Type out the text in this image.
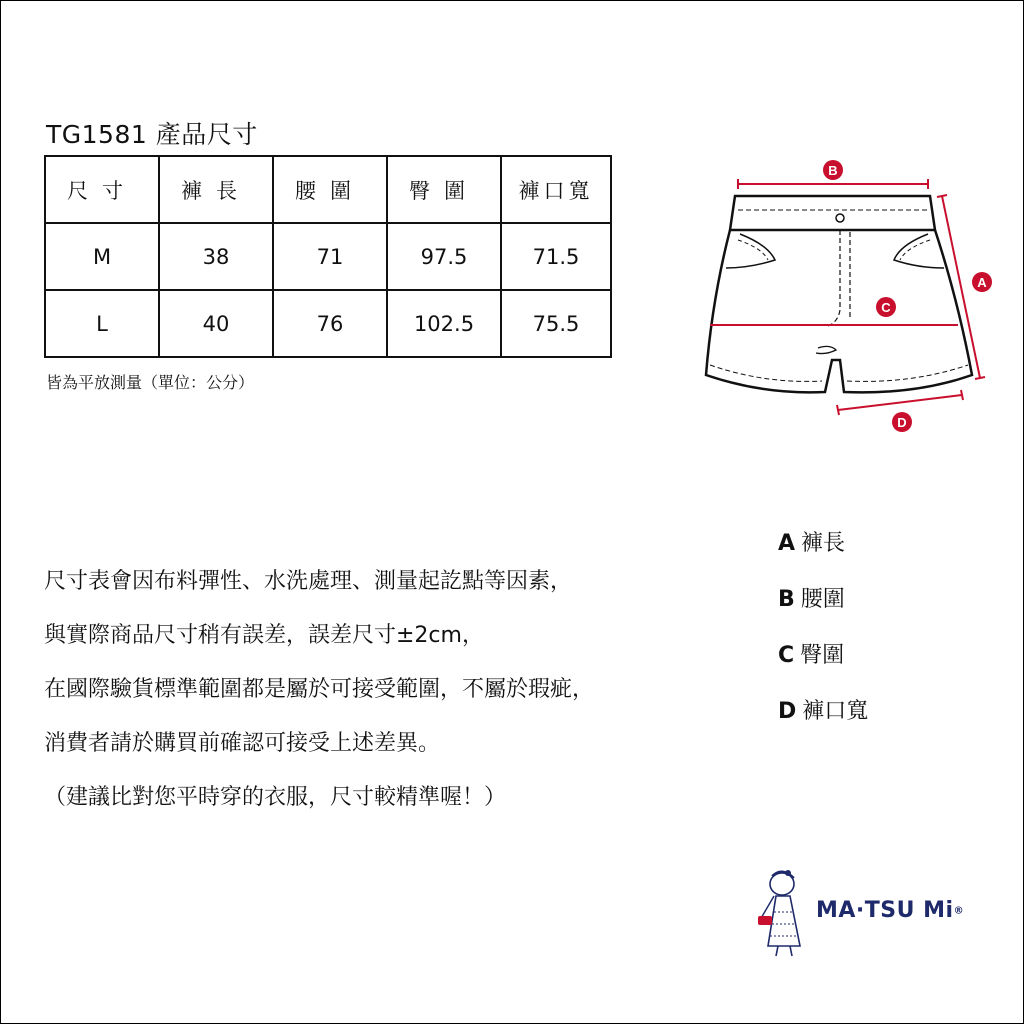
TG1581 產品尺寸
尺寸	褲長	腰圍	臀圍	褲口寬
M	38	71	97.5	71.5
L	40	76	102.5	75.5
皆為平放測量（單位：公分）
B
A
C
D
A 褲長
B 腰圍
C 臀圍
D 褲口寬
尺寸表會因布料彈性、水洗處理、測量起訖點等因素，
與實際商品尺寸稍有誤差，誤差尺寸±2cm，
在國際驗貨標準範圍都是屬於可接受範圍，不屬於瑕疵，
消費者請於購買前確認可接受上述差異。
（建議比對您平時穿的衣服，尺寸較精準喔！）
MA·TSU Mi®
